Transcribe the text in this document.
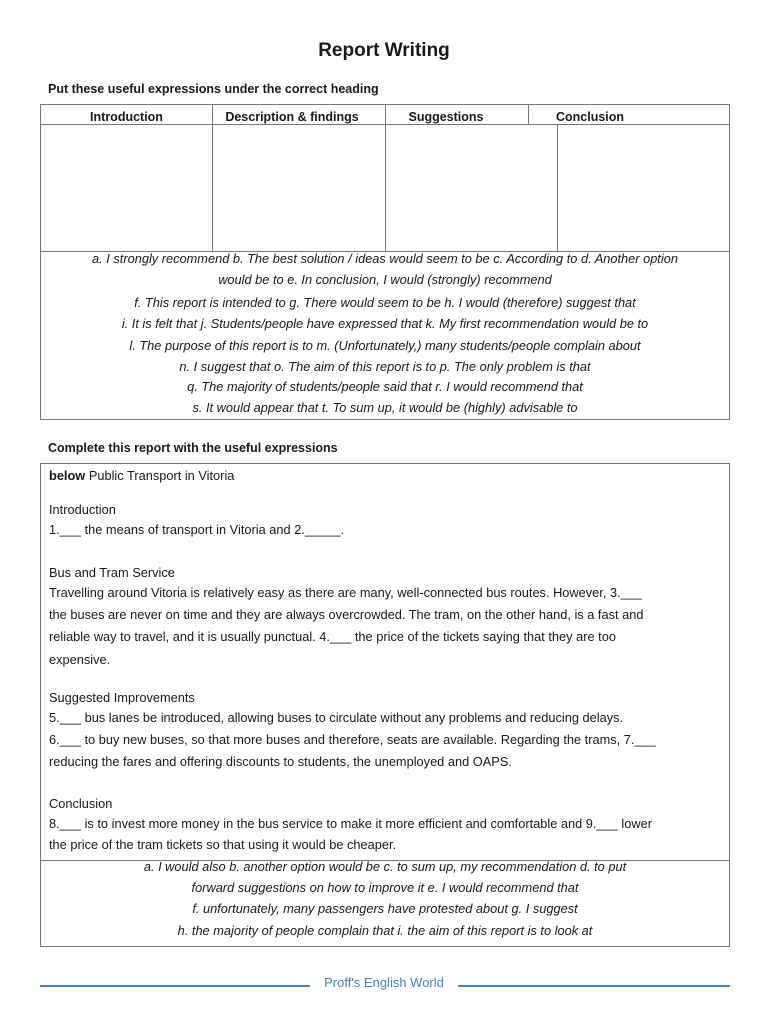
Report Writing
Put these useful expressions under the correct heading
Introduction	Description & findings	Suggestions	Conclusion
a. I strongly recommend b. The best solution / ideas would seem to be c. According to d. Another option
would be to e. In conclusion, I would (strongly) recommend
f. This report is intended to g. There would seem to be h. I would (therefore) suggest that
i. It is felt that j. Students/people have expressed that k. My first recommendation would be to
l. The purpose of this report is to m. (Unfortunately,) many students/people complain about
n. I suggest that o. The aim of this report is to p. The only problem is that
q. The majority of students/people said that r. I would recommend that
s. It would appear that t. To sum up, it would be (highly) advisable to
Complete this report with the useful expressions
below Public Transport in Vitoria
Introduction
1.___ the means of transport in Vitoria and 2._____.
Bus and Tram Service
Travelling around Vitoria is relatively easy as there are many, well-connected bus routes. However, 3.___
the buses are never on time and they are always overcrowded. The tram, on the other hand, is a fast and
reliable way to travel, and it is usually punctual. 4.___ the price of the tickets saying that they are too
expensive.
Suggested Improvements
5.___ bus lanes be introduced, allowing buses to circulate without any problems and reducing delays.
6.___ to buy new buses, so that more buses and therefore, seats are available. Regarding the trams, 7.___
reducing the fares and offering discounts to students, the unemployed and OAPS.
Conclusion
8.___ is to invest more money in the bus service to make it more efficient and comfortable and 9.___ lower
the price of the tram tickets so that using it would be cheaper.
a. I would also b. another option would be c. to sum up, my recommendation d. to put
forward suggestions on how to improve it e. I would recommend that
f. unfortunately, many passengers have protested about g. I suggest
h. the majority of people complain that i. the aim of this report is to look at
Proff's English World
